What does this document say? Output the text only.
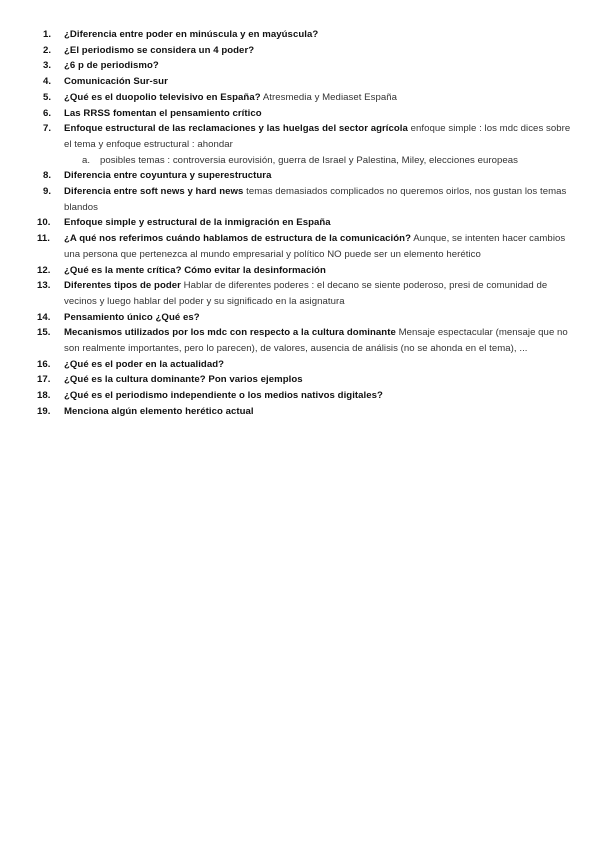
1. ¿Diferencia entre poder en minúscula y en mayúscula?
2. ¿El periodismo se considera un 4 poder?
3. ¿6 p de periodismo?
4. Comunicación Sur-sur
5. ¿Qué es el duopolio televisivo en España? Atresmedia y Mediaset España
6. Las RRSS fomentan el pensamiento crítico
7. Enfoque estructural de las reclamaciones y las huelgas del sector agrícola enfoque simple : los mdc dices sobre el tema y enfoque estructural : ahondar
a. posibles temas : controversia eurovisión, guerra de Israel y Palestina, Miley, elecciones europeas
8. Diferencia entre coyuntura y superestructura
9. Diferencia entre soft news y hard news temas demasiados complicados no queremos oirlos, nos gustan los temas blandos
10. Enfoque simple y estructural de la inmigración en España
11. ¿A qué nos referimos cuándo hablamos de estructura de la comunicación? Aunque, se intenten hacer cambios una persona que pertenezca al mundo empresarial y político NO puede ser un elemento herético
12. ¿Qué es la mente crítica? Cómo evitar la desinformación
13. Diferentes tipos de poder Hablar de diferentes poderes : el decano se siente poderoso, presi de comunidad de vecinos y luego hablar del poder y su significado en la asignatura
14. Pensamiento único ¿Qué es?
15. Mecanismos utilizados por los mdc con respecto a la cultura dominante Mensaje espectacular (mensaje que no son realmente importantes, pero lo parecen), de valores, ausencia de análisis (no se ahonda en el tema), ...
16. ¿Qué es el poder en la actualidad?
17. ¿Qué es la cultura dominante? Pon varios ejemplos
18. ¿Qué es el periodismo independiente o los medios nativos digitales?
19. Menciona algún elemento herético actual
